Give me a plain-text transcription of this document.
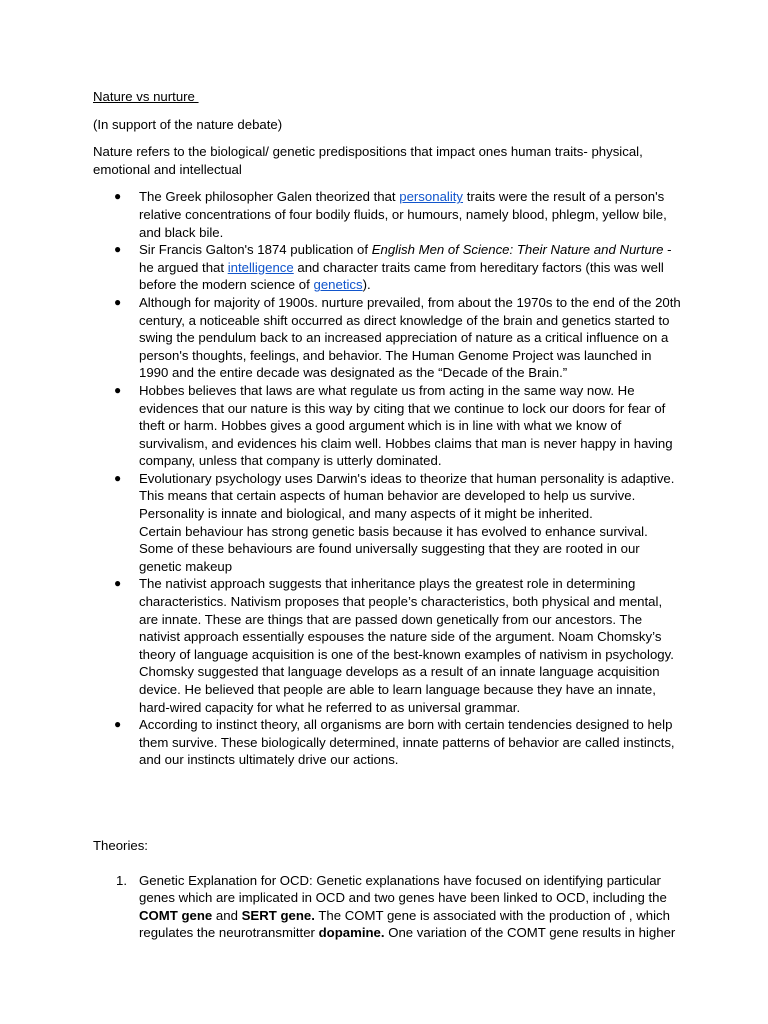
Nature vs nurture

(In support of the nature debate)

Nature refers to the biological/ genetic predispositions that impact ones human traits- physical, emotional and intellectual

● The Greek philosopher Galen theorized that personality traits were the result of a person's relative concentrations of four bodily fluids, or humours, namely blood, phlegm, yellow bile, and black bile.
● Sir Francis Galton's 1874 publication of English Men of Science: Their Nature and Nurture - he argued that intelligence and character traits came from hereditary factors (this was well before the modern science of genetics).
● Although for majority of 1900s. nurture prevailed, from about the 1970s to the end of the 20th century, a noticeable shift occurred as direct knowledge of the brain and genetics started to swing the pendulum back to an increased appreciation of nature as a critical influence on a person's thoughts, feelings, and behavior. The Human Genome Project was launched in 1990 and the entire decade was designated as the “Decade of the Brain.”
● Hobbes believes that laws are what regulate us from acting in the same way now. He evidences that our nature is this way by citing that we continue to lock our doors for fear of theft or harm. Hobbes gives a good argument which is in line with what we know of survivalism, and evidences his claim well. Hobbes claims that man is never happy in having company, unless that company is utterly dominated.
● Evolutionary psychology uses Darwin's ideas to theorize that human personality is adaptive. This means that certain aspects of human behavior are developed to help us survive. Personality is innate and biological, and many aspects of it might be inherited.
Certain behaviour has strong genetic basis because it has evolved to enhance survival. Some of these behaviours are found universally suggesting that they are rooted in our genetic makeup
● The nativist approach suggests that inheritance plays the greatest role in determining characteristics. Nativism proposes that people’s characteristics, both physical and mental, are innate. These are things that are passed down genetically from our ancestors. The nativist approach essentially espouses the nature side of the argument. Noam Chomsky’s theory of language acquisition is one of the best-known examples of nativism in psychology.  Chomsky suggested that language develops as a result of an innate language acquisition device. He believed that people are able to learn language because they have an innate, hard-wired capacity for what he referred to as universal grammar.
● According to instinct theory, all organisms are born with certain tendencies designed to help them survive. These biologically determined, innate patterns of behavior are called instincts, and our instincts ultimately drive our actions.

Theories:

1. Genetic Explanation for OCD: Genetic explanations have focused on identifying particular genes which are implicated in OCD and two genes have been linked to OCD, including the COMT gene and SERT gene. The COMT gene is associated with the production of , which regulates the neurotransmitter dopamine. One variation of the COMT gene results in higher
